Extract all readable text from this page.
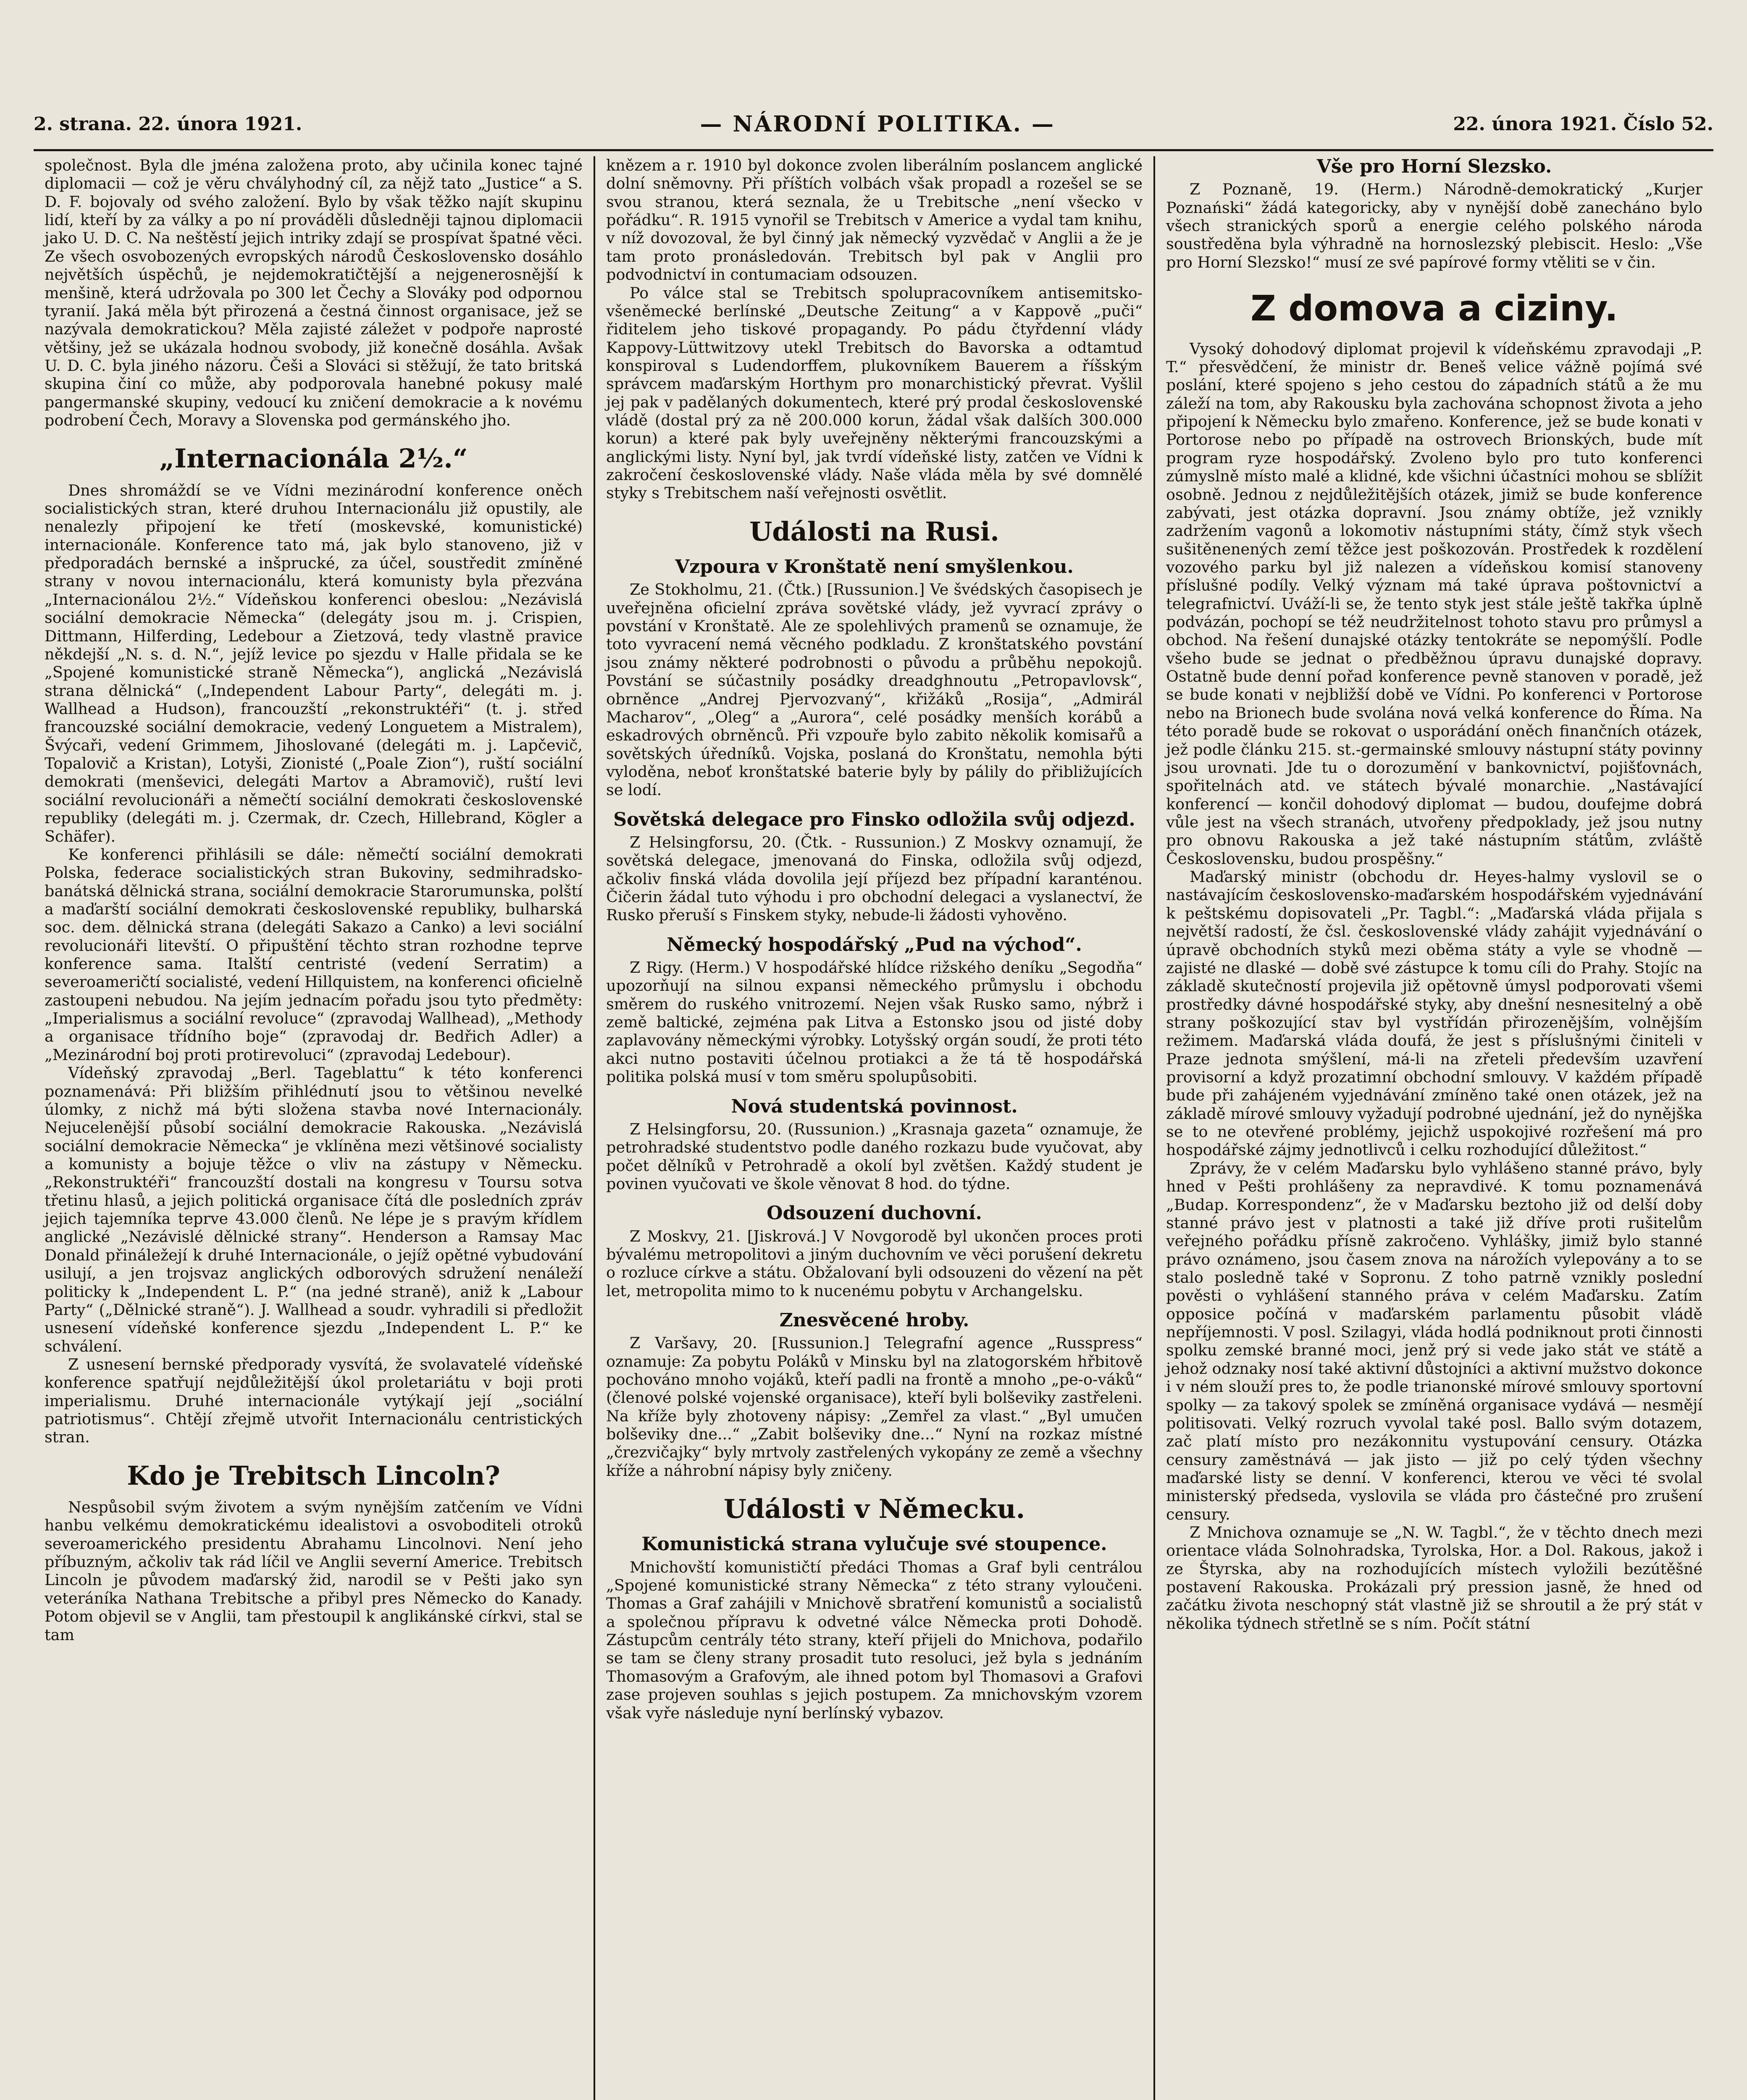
2. strana. 22. února 1921.	— NÁRODNÍ POLITIKA. —	22. února 1921. Číslo 52.

společnost. Byla dle jména založena proto, aby učinila konec tajné diplomacii — což je věru chvályhodný cíl, za nějž tato „Justice“ a S. D. F. bojovaly od svého založení. Bylo by však těžko najít skupinu lidí, kteří by za války a po ní prováděli důsledněji tajnou diplomacii jako U. D. C. Na neštěstí jejich intriky zdají se prospívat špatné věci. Ze všech osvobozených evropských národů Československo dosáhlo největších úspěchů, je nejdemokratičtější a nejgenerosnější k menšině, která udržovala po 300 let Čechy a Slováky pod odpornou tyranií. Jaká měla být přirozená a čestná činnost organisace, jež se nazývala demokratickou? Měla zajisté záležet v podpoře naprosté většiny, jež se ukázala hodnou svobody, již konečně dosáhla. Avšak U. D. C. byla jiného názoru. Češi a Slováci si stěžují, že tato britská skupina činí co může, aby podporovala hanebné pokusy malé pangermanské skupiny, vedoucí ku zničení demokracie a k novému podrobení Čech, Moravy a Slovenska pod germánského jho.

„Internacionála 2½.“

Dnes shromáždí se ve Vídni mezinárodní konference oněch socialistických stran, které druhou Internacionálu již opustily, ale nenalezly připojení ke třetí (moskevské, komunistické) internacionále. Konference tato má, jak bylo stanoveno, již v předporadách bernské a inšprucké, za účel, soustředit zmíněné strany v novou internacionálu, která komunisty byla přezvána „Internacionálou 2½.“ Vídeňskou konferenci obeslou: „Nezávislá sociální demokracie Německa“ (delegáty jsou m. j. Crispien, Dittmann, Hilferding, Ledebour a Zietzová, tedy vlastně pravice někdejší „N. s. d. N.“, jejíž levice po sjezdu v Halle přidala se ke „Spojené komunistické straně Německa“), anglická „Nezávislá strana dělnická“ („Independent Labour Party“, delegáti m. j. Wallhead a Hudson), francouzští „rekonstruktéři“ (t. j. střed francouzské sociální demokracie, vedený Longuetem a Mistralem), Švýcaři, vedení Grimmem, Jihoslované (delegáti m. j. Lapčevič, Topalovič a Kristan), Lotyši, Zionisté („Poale Zion“), ruští sociální demokrati (menševici, delegáti Martov a Abramovič), ruští levi sociální revolucionáři a němečtí sociální demokrati československé republiky (delegáti m. j. Czermak, dr. Czech, Hillebrand, Kögler a Schäfer).

Ke konferenci přihlásili se dále: němečtí sociální demokrati Polska, federace socialistických stran Bukoviny, sedmihradsko-banátská dělnická strana, sociální demokracie Starorumunska, polští a maďarští sociální demokrati československé republiky, bulharská soc. dem. dělnická strana (delegáti Sakazo a Canko) a levi sociální revolucionáři litevští. O připuštění těchto stran rozhodne teprve konference sama. Italští centristé (vedení Serratim) a severoameričtí socialisté, vedení Hillquistem, na konferenci oficielně zastoupeni nebudou. Na jejím jednacím pořadu jsou tyto předměty: „Imperialismus a sociální revoluce“ (zpravodaj Wallhead), „Methody a organisace třídního boje“ (zpravodaj dr. Bedřich Adler) a „Mezinárodní boj proti protirevoluci“ (zpravodaj Ledebour).

Vídeňský zpravodaj „Berl. Tageblattu“ k této konferenci poznamenává: Při bližším přihlédnutí jsou to většinou nevelké úlomky, z nichž má býti složena stavba nové Internacionály. Nejucelenější působí sociální demokracie Rakouska. „Nezávislá sociální demokracie Německa“ je vklíněna mezi většinové socialisty a komunisty a bojuje těžce o vliv na zástupy v Německu. „Rekonstruktéři“ francouzští dostali na kongresu v Toursu sotva třetinu hlasů, a jejich politická organisace čítá dle posledních zpráv jejich tajemníka teprve 43.000 členů. Ne lépe je s pravým křídlem anglické „Nezávislé dělnické strany“. Henderson a Ramsay Mac Donald přináležejí k druhé Internacionále, o jejíž opětné vybudování usilují, a jen trojsvaz anglických odborových sdružení nenáleží politicky k „Independent L. P.“ (na jedné straně), aniž k „Labour Party“ („Dělnické straně“). J. Wallhead a soudr. vyhradili si předložit usnesení vídeňské konference sjezdu „Independent L. P.“ ke schválení.

Z usnesení bernské předporady vysvítá, že svolavatelé vídeňské konference spatřují nejdůležitější úkol proletariátu v boji proti imperialismu. Druhé internacionále vytýkají její „sociální patriotismus“. Chtějí zřejmě utvořit Internacionálu centristických stran.

Kdo je Trebitsch Lincoln?

Nespůsobil svým životem a svým nynějším zatčením ve Vídni hanbu velkému demokratickému idealistovi a osvoboditeli otroků severoamerického presidentu Abrahamu Lincolnovi. Není jeho příbuzným, ačkoliv tak rád líčil ve Anglii severní Americe. Trebitsch Lincoln je původem maďarský žid, narodil se v Pešti jako syn veteráníka Nathana Trebitsche a přibyl pres Německo do Kanady. Potom objevil se v Anglii, tam přestoupil k anglikánské církvi, stal se tam

knězem a r. 1910 byl dokonce zvolen liberálním poslancem anglické dolní sněmovny. Při příštích volbách však propadl a rozešel se se svou stranou, která seznala, že u Trebitsche „není všecko v pořádku“. R. 1915 vynořil se Trebitsch v Americe a vydal tam knihu, v níž dovozoval, že byl činný jak německý vyzvědač v Anglii a že je tam proto pronásledován. Trebitsch byl pak v Anglii pro podvodnictví in contumaciam odsouzen.

Po válce stal se Trebitsch spolupracovníkem antisemitsko-všeněmecké berlínské „Deutsche Zeitung“ a v Kappově „puči“ řiditelem jeho tiskové propagandy. Po pádu čtyřdenní vlády Kappovy-Lüttwitzovy utekl Trebitsch do Bavorska a odtamtud konspiroval s Ludendorffem, plukovníkem Bauerem a říšským správcem maďarským Horthym pro monarchistický převrat. Vyšlil jej pak v padělaných dokumentech, které prý prodal československé vládě (dostal prý za ně 200.000 korun, žádal však dalších 300.000 korun) a které pak byly uveřejněny některými francouzskými a anglickými listy. Nyní byl, jak tvrdí vídeňské listy, zatčen ve Vídni k zakročení československé vlády. Naše vláda měla by své domnělé styky s Trebitschem naší veřejnosti osvětlit.

Události na Rusi.
Vzpoura v Kronštatě není smyšlenkou.

Ze Stokholmu, 21. (Čtk.) [Russunion.] Ve švédských časopisech je uveřejněna oficielní zpráva sovětské vlády, jež vyvrací zprávy o povstání v Kronštatě. Ale ze spolehlivých pramenů se oznamuje, že toto vyvracení nemá věcného podkladu. Z kronštatského povstání jsou známy některé podrobnosti o původu a průběhu nepokojů. Povstání se súčastnily posádky dreadghnoutu „Petropavlovsk“, obrněnce „Andrej Pjervozvaný“, křižáků „Rosija“, „Admirál Macharov“, „Oleg“ a „Aurora“, celé posádky menších korábů a eskadrových obrněnců. Při vzpouře bylo zabito několik komisařů a sovětských úředníků. Vojska, poslaná do Kronštatu, nemohla býti vyloděna, neboť kronštatské baterie byly by pálily do přibližujících se lodí.

Sovětská delegace pro Finsko odložila svůj odjezd.

Z Helsingforsu, 20. (Čtk. - Russunion.) Z Moskvy oznamují, že sovětská delegace, jmenovaná do Finska, odložila svůj odjezd, ačkoliv finská vláda dovolila její příjezd bez případní karanténou. Čičerin žádal tuto výhodu i pro obchodní delegaci a vyslanectví, že Rusko přeruší s Finskem styky, nebude-li žádosti vyhověno.

Německý hospodářský „Pud na východ“.

Z Rigy. (Herm.) V hospodářské hlídce rižského deníku „Segodňa“ upozorňují na silnou expansi německého průmyslu i obchodu směrem do ruského vnitrozemí. Nejen však Rusko samo, nýbrž i země baltické, zejména pak Litva a Estonsko jsou od jisté doby zaplavovány německými výrobky. Lotyšský orgán soudí, že proti této akci nutno postaviti účelnou protiakci a že tá tě hospodářská politika polská musí v tom směru spolupůsobiti.

Nová studentská povinnost.

Z Helsingforsu, 20. (Russunion.) „Krasnaja gazeta“ oznamuje, že petrohradské studentstvo podle daného rozkazu bude vyučovat, aby počet dělníků v Petrohradě a okolí byl zvětšen. Každý student je povinen vyučovati ve škole věnovat 8 hod. do týdne.

Odsouzení duchovní.

Z Moskvy, 21. [Jiskrová.] V Novgorodě byl ukončen proces proti bývalému metropolitovi a jiným duchovním ve věci porušení dekretu o rozluce církve a státu. Obžalovaní byli odsouzeni do vězení na pět let, metropolita mimo to k nucenému pobytu v Archangelsku.

Znesvěcené hroby.

Z Varšavy, 20. [Russunion.] Telegrafní agence „Russpress“ oznamuje: Za pobytu Poláků v Minsku byl na zlatogorském hřbitově pochováno mnoho vojáků, kteří padli na frontě a mnoho „pe-o-váků“ (členové polské vojenské organisace), kteří byli bolševiky zastřeleni. Na kříže byly zhotoveny nápisy: „Zemřel za vlast.“ „Byl umučen bolševiky dne...“ „Zabit bolševiky dne...“ Nyní na rozkaz místné „črezvičajky“ byly mrtvoly zastřelených vykopány ze země a všechny kříže a náhrobní nápisy byly zničeny.

Události v Německu.
Komunistická strana vylučuje své stoupence.

Mnichovští komunističtí předáci Thomas a Graf byli centrálou „Spojené komunistické strany Německa“ z této strany vyloučeni. Thomas a Graf zahájili v Mnichově sbratření komunistů a socialistů a společnou přípravu k odvetné válce Německa proti Dohodě. Zástupcům centrály této strany, kteří přijeli do Mnichova, podařilo se tam se členy strany prosadit tuto resoluci, jež byla s jednáním Thomasovým a Grafovým, ale ihned potom byl Thomasovi a Grafovi zase projeven souhlas s jejich postupem. Za mnichovským vzorem však vyře následuje nyní berlínský vybazov.

Vše pro Horní Slezsko.

Z Poznaně, 19. (Herm.) Národně-demokratický „Kurjer Poznański“ žádá kategoricky, aby v nynější době zanecháno bylo všech stranických sporů a energie celého polského národa soustředěna byla výhradně na hornoslezský plebiscit. Heslo: „Vše pro Horní Slezsko!“ musí ze své papírové formy vtěliti se v čin.

Z domova a ciziny.

Vysoký dohodový diplomat projevil k vídeňskému zpravodaji „P. T.“ přesvědčení, že ministr dr. Beneš velice vážně pojímá své poslání, které spojeno s jeho cestou do západních států a že mu záleží na tom, aby Rakousku byla zachována schopnost života a jeho připojení k Německu bylo zmařeno. Konference, jež se bude konati v Portorose nebo po případě na ostrovech Brionských, bude mít program ryze hospodářský. Zvoleno bylo pro tuto konferenci zúmyslně místo malé a klidné, kde všichni účastníci mohou se sblížit osobně. Jednou z nejdůležitějších otázek, jimiž se bude konference zabývati, jest otázka dopravní. Jsou známy obtíže, jež vznikly zadržením vagonů a lokomotiv nástupními státy, čímž styk všech sušitěnenených zemí těžce jest poškozován. Prostředek k rozdělení vozového parku byl již nalezen a vídeňskou komisí stanoveny příslušné podíly. Velký význam má také úprava poštovnictví a telegrafnictví. Uváží-li se, že tento styk jest stále ještě takřka úplně podvázán, pochopí se též neudržitelnost tohoto stavu pro průmysl a obchod. Na řešení dunajské otázky tentokráte se nepomýšlí. Podle všeho bude se jednat o předběžnou úpravu dunajské dopravy. Ostatně bude denní pořad konference pevně stanoven v poradě, jež se bude konati v nejbližší době ve Vídni. Po konferenci v Portorose nebo na Brionech bude svolána nová velká konference do Říma. Na této poradě bude se rokovat o usporádání oněch finančních otázek, jež podle článku 215. st.-germainské smlouvy nástupní státy povinny jsou urovnati. Jde tu o dorozumění v bankovnictví, pojišťovnách, spořitelnách atd. ve státech bývalé monarchie. „Nastávající konferencí — končil dohodový diplomat — budou, doufejme dobrá vůle jest na všech stranách, utvořeny předpoklady, jež jsou nutny pro obnovu Rakouska a jež také nástupním státům, zvláště Československu, budou prospěšny.“

Maďarský ministr (obchodu dr. Heyes-halmy vyslovil se o nastávajícím československo-maďarském hospodářském vyjednávání k peštskému dopisovateli „Pr. Tagbl.“: „Maďarská vláda přijala s největší radostí, že čsl. československé vlády zahájit vyjednávání o úpravě obchodních styků mezi oběma státy a vyle se vhodně — zajisté ne dlaské — době své zástupce k tomu cíli do Prahy. Stojíc na základě skutečností projevila již opětovně úmysl podporovati všemi prostředky dávné hospodářské styky, aby dnešní nesnesitelný a obě strany poškozující stav byl vystřídán přirozenějším, volnějším režimem. Maďarská vláda doufá, že jest s příslušnými činiteli v Praze jednota smýšlení, má-li na zřeteli především uzavření provisorní a když prozatimní obchodní smlouvy. V každém případě bude při zahájeném vyjednávání zmíněno také onen otázek, jež na základě mírové smlouvy vyžadují podrobné ujednání, jež do nynějška se to ne otevřené problémy, jejichž uspokojivé rozřešení má pro hospodářské zájmy jednotlivců i celku rozhodující důležitost.“

Zprávy, že v celém Maďarsku bylo vyhlášeno stanné právo, byly hned v Pešti prohlášeny za nepravdivé. K tomu poznamenává „Budap. Korrespondenz“, že v Maďarsku beztoho již od delší doby stanné právo jest v platnosti a také již dříve proti rušitelům veřejného pořádku přísně zakročeno. Vyhlášky, jimiž bylo stanné právo oznámeno, jsou časem znova na nárožích vylepovány a to se stalo posledně také v Sopronu. Z toho patrně vznikly poslední pověsti o vyhlášení stanného práva v celém Maďarsku. Zatím opposice počíná v maďarském parlamentu působit vládě nepříjemnosti. V posl. Szilagyi, vláda hodlá podniknout proti činnosti spolku zemské branné moci, jenž prý si vede jako stát ve státě a jehož odznaky nosí také aktivní důstojníci a aktivní mužstvo dokonce i v ném slouží pres to, že podle trianonské mírové smlouvy sportovní spolky — za takový spolek se zmíněná organisace vydává — nesmějí politisovati. Velký rozruch vyvolal také posl. Ballo svým dotazem, zač platí místo pro nezákonnitu vystupování censury. Otázka censury zaměstnává — jak jisto — již po celý týden všechny maďarské listy se denní. V konferenci, kterou ve věci té svolal ministerský předseda, vyslovila se vláda pro částečné pro zrušení censury.

Z Mnichova oznamuje se „N. W. Tagbl.“, že v těchto dnech mezi orientace vláda Solnohradska, Tyrolska, Hor. a Dol. Rakous, jakož i ze Štyrska, aby na rozhodujících místech vyložili bezútěšné postavení Rakouska. Prokázali prý pression jasně, že hned od začátku života neschopný stát vlastně již se shroutil a že prý stát v několika týdnech střetlně se s ním. Počít státní
